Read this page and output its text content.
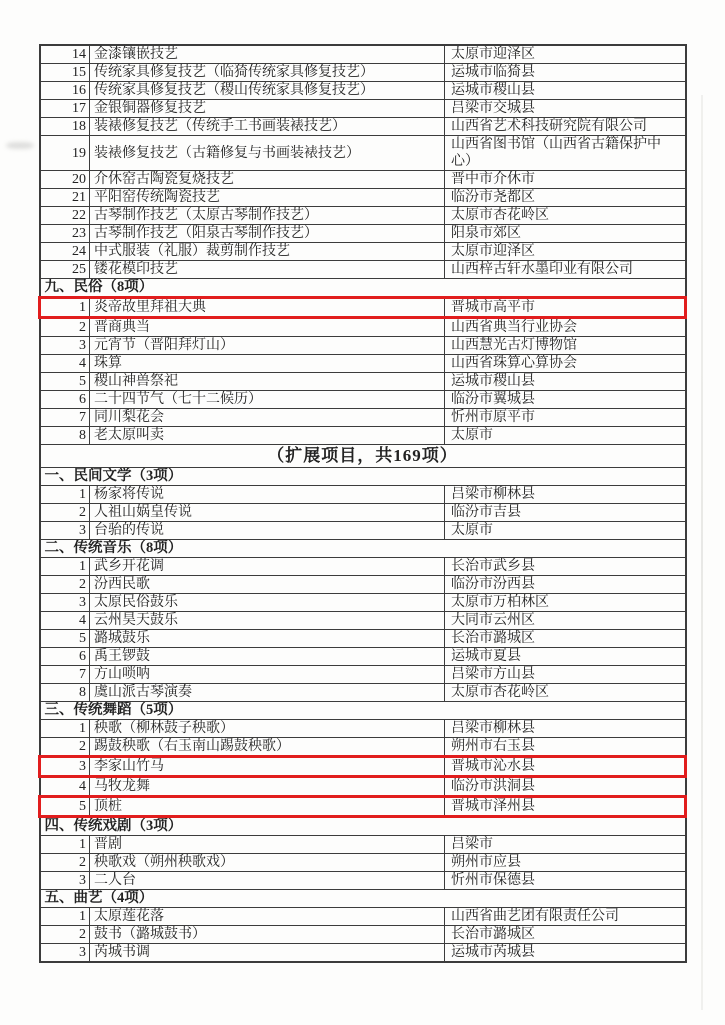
14	金漆镶嵌技艺	太原市迎泽区
15	传统家具修复技艺（临猗传统家具修复技艺）	运城市临猗县
16	传统家具修复技艺（稷山传统家具修复技艺）	运城市稷山县
17	金银铜器修复技艺	吕梁市交城县
18	装裱修复技艺（传统手工书画装裱技艺）	山西省艺术科技研究院有限公司
19	装裱修复技艺（古籍修复与书画装裱技艺）	山西省图书馆（山西省古籍保护中心）
20	介休窑古陶瓷复烧技艺	晋中市介休市
21	平阳窑传统陶瓷技艺	临汾市尧都区
22	古琴制作技艺（太原古琴制作技艺）	太原市杏花岭区
23	古琴制作技艺（阳泉古琴制作技艺）	阳泉市郊区
24	中式服装（礼服）裁剪制作技艺	太原市迎泽区
25	镂花模印技艺	山西梓古轩水墨印业有限公司
九、民俗（8项）		
1	炎帝故里拜祖大典	晋城市高平市
2	晋商典当	山西省典当行业协会
3	元宵节（晋阳拜灯山）	山西慧光古灯博物馆
4	珠算	山西省珠算心算协会
5	稷山神兽祭祀	运城市稷山县
6	二十四节气（七十二候历）	临汾市翼城县
7	同川梨花会	忻州市原平市
8	老太原叫卖	太原市
（扩展项目，共169项）		
一、民间文学（3项）		
1	杨家将传说	吕梁市柳林县
2	人祖山娲皇传说	临汾市吉县
3	台骀的传说	太原市
二、传统音乐（8项）		
1	武乡开花调	长治市武乡县
2	汾西民歌	临汾市汾西县
3	太原民俗鼓乐	太原市万柏林区
4	云州昊天鼓乐	大同市云州区
5	潞城鼓乐	长治市潞城区
6	禹王锣鼓	运城市夏县
7	方山唢呐	吕梁市方山县
8	虞山派古琴演奏	太原市杏花岭区
三、传统舞蹈（5项）		
1	秧歌（柳林鼓子秧歌）	吕梁市柳林县
2	踢鼓秧歌（右玉南山踢鼓秧歌）	朔州市右玉县
3	李家山竹马	晋城市沁水县
4	马牧龙舞	临汾市洪洞县
5	顶桩	晋城市泽州县
四、传统戏剧（3项）		
1	晋剧	吕梁市
2	秧歌戏（朔州秧歌戏）	朔州市应县
3	二人台	忻州市保德县
五、曲艺（4项）		
1	太原莲花落	山西省曲艺团有限责任公司
2	鼓书（潞城鼓书）	长治市潞城区
3	芮城书调	运城市芮城县
